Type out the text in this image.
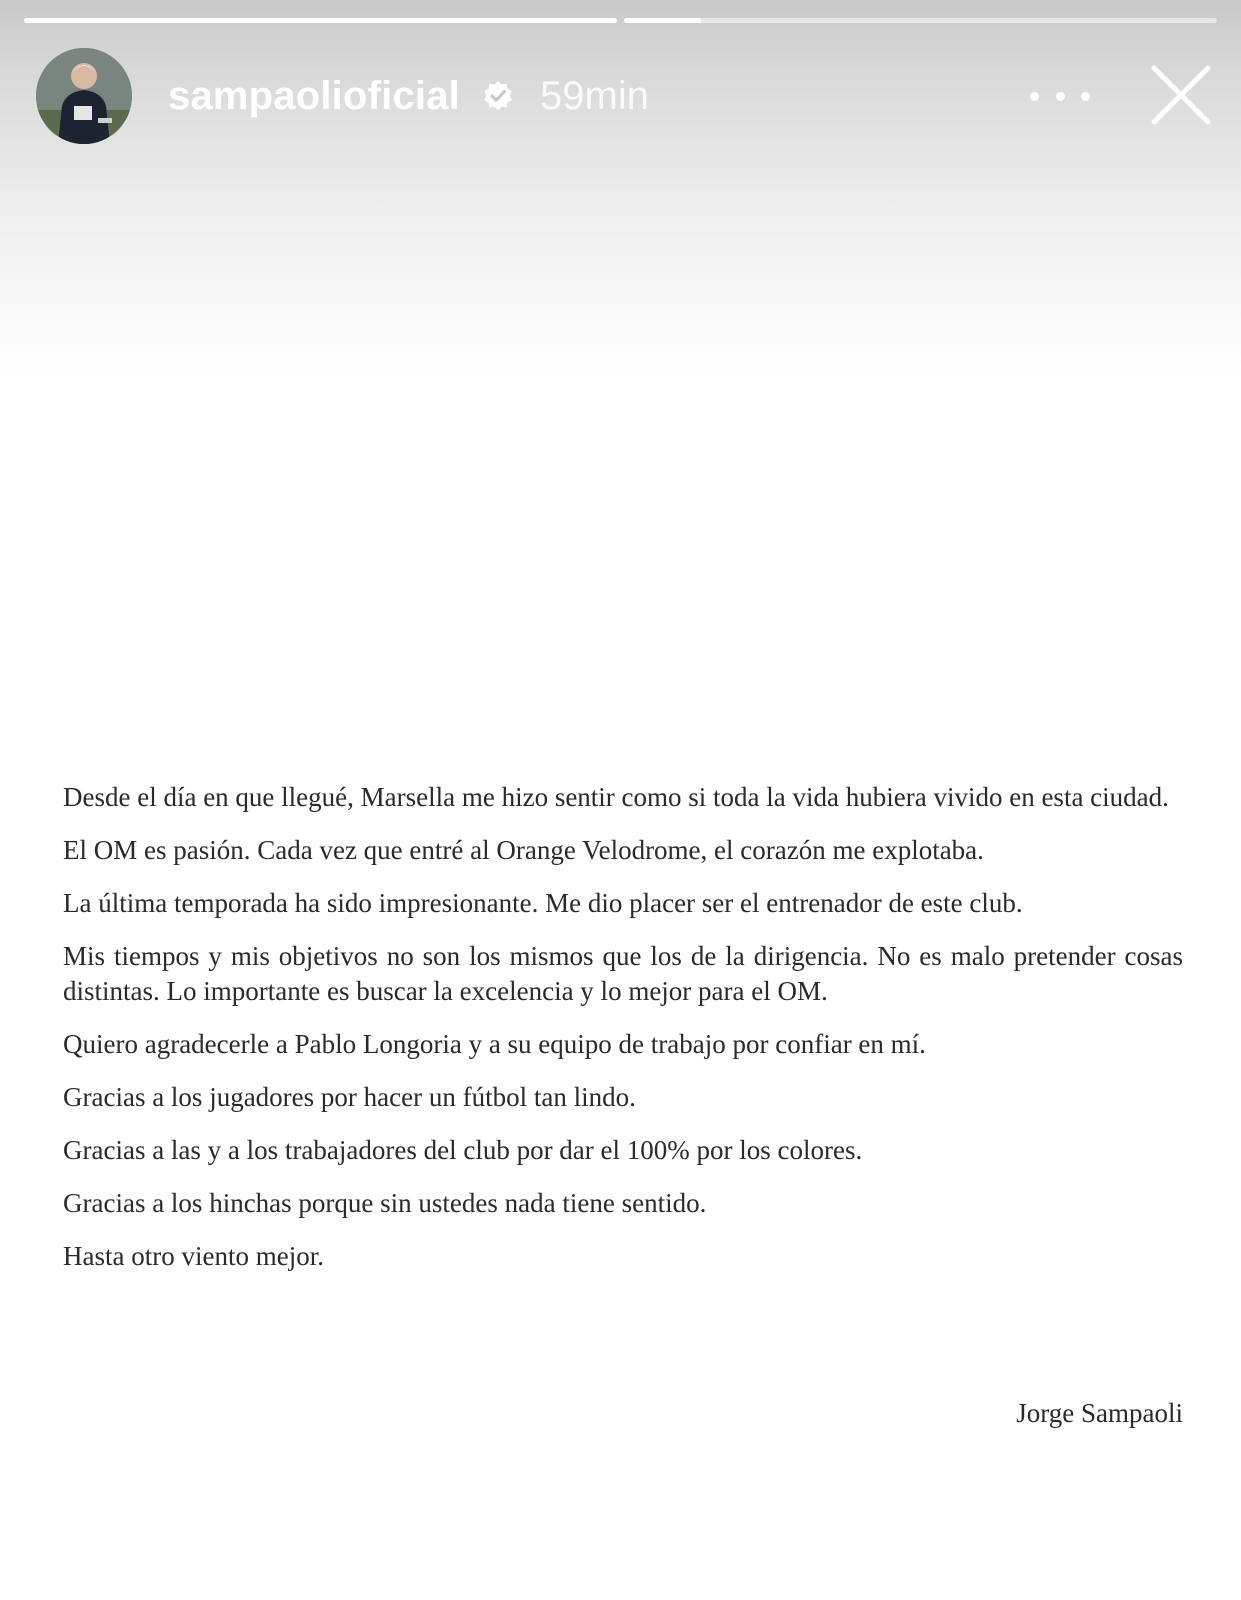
sampaolioficial 59min

Desde el día en que llegué, Marsella me hizo sentir como si toda la vida hubiera vivido en esta ciudad.

El OM es pasión. Cada vez que entré al Orange Velodrome, el corazón me explotaba.

La última temporada ha sido impresionante. Me dio placer ser el entrenador de este club.

Mis tiempos y mis objetivos no son los mismos que los de la dirigencia. No es malo pretender cosas distintas. Lo importante es buscar la excelencia y lo mejor para el OM.

Quiero agradecerle a Pablo Longoria y a su equipo de trabajo por confiar en mí.

Gracias a los jugadores por hacer un fútbol tan lindo.

Gracias a las y a los trabajadores del club por dar el 100% por los colores.

Gracias a los hinchas porque sin ustedes nada tiene sentido.

Hasta otro viento mejor.

Jorge Sampaoli
